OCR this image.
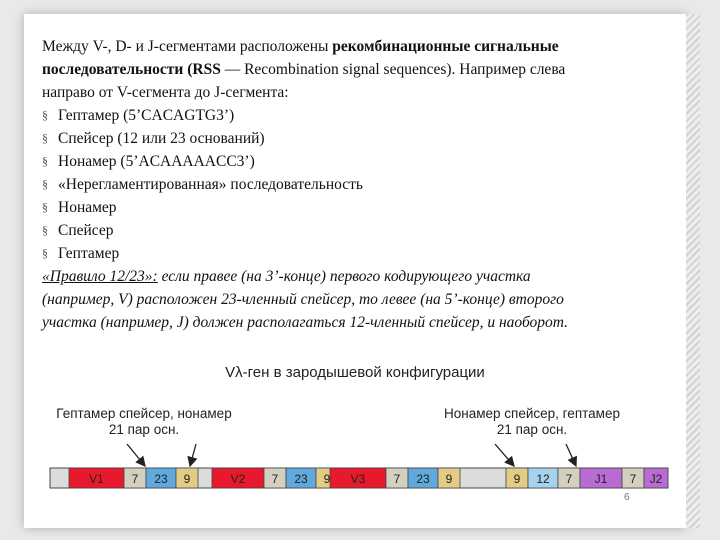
Между V-, D- и J-сегментами расположены рекомбинационные сигнальные
последовательности (RSS — Recombination signal sequences). Например слева
направо от V-сегмента до J-сегмента:

§ Гептамер (5’CACAGTG3’)

§ Спейсер (12 или 23 оснований)

§ Нонамер (5’ACAAAAACC3’)

§ «Нерегламентированная» последовательность

§ Нонамер

§ Спейсер

§ Гептамер

«Правило 12/23»: если правее (на 3’-конце) первого кодирующего участка
(например, V) расположен 23-членный спейсер, то левее (на 5’-конце) второго
участка (например, J) должен располагаться 12-членный спейсер, и наоборот.

Vλ-ген в зародышевой конфигурации
Гептамер спейсер, нонамер
21 пар осн.
Нонамер спейсер, гептамер
21 пар осн.
V1 7 23 9	V2 7 23 9 V3 7 23 9	9 12 7 J1 7 J2
6
